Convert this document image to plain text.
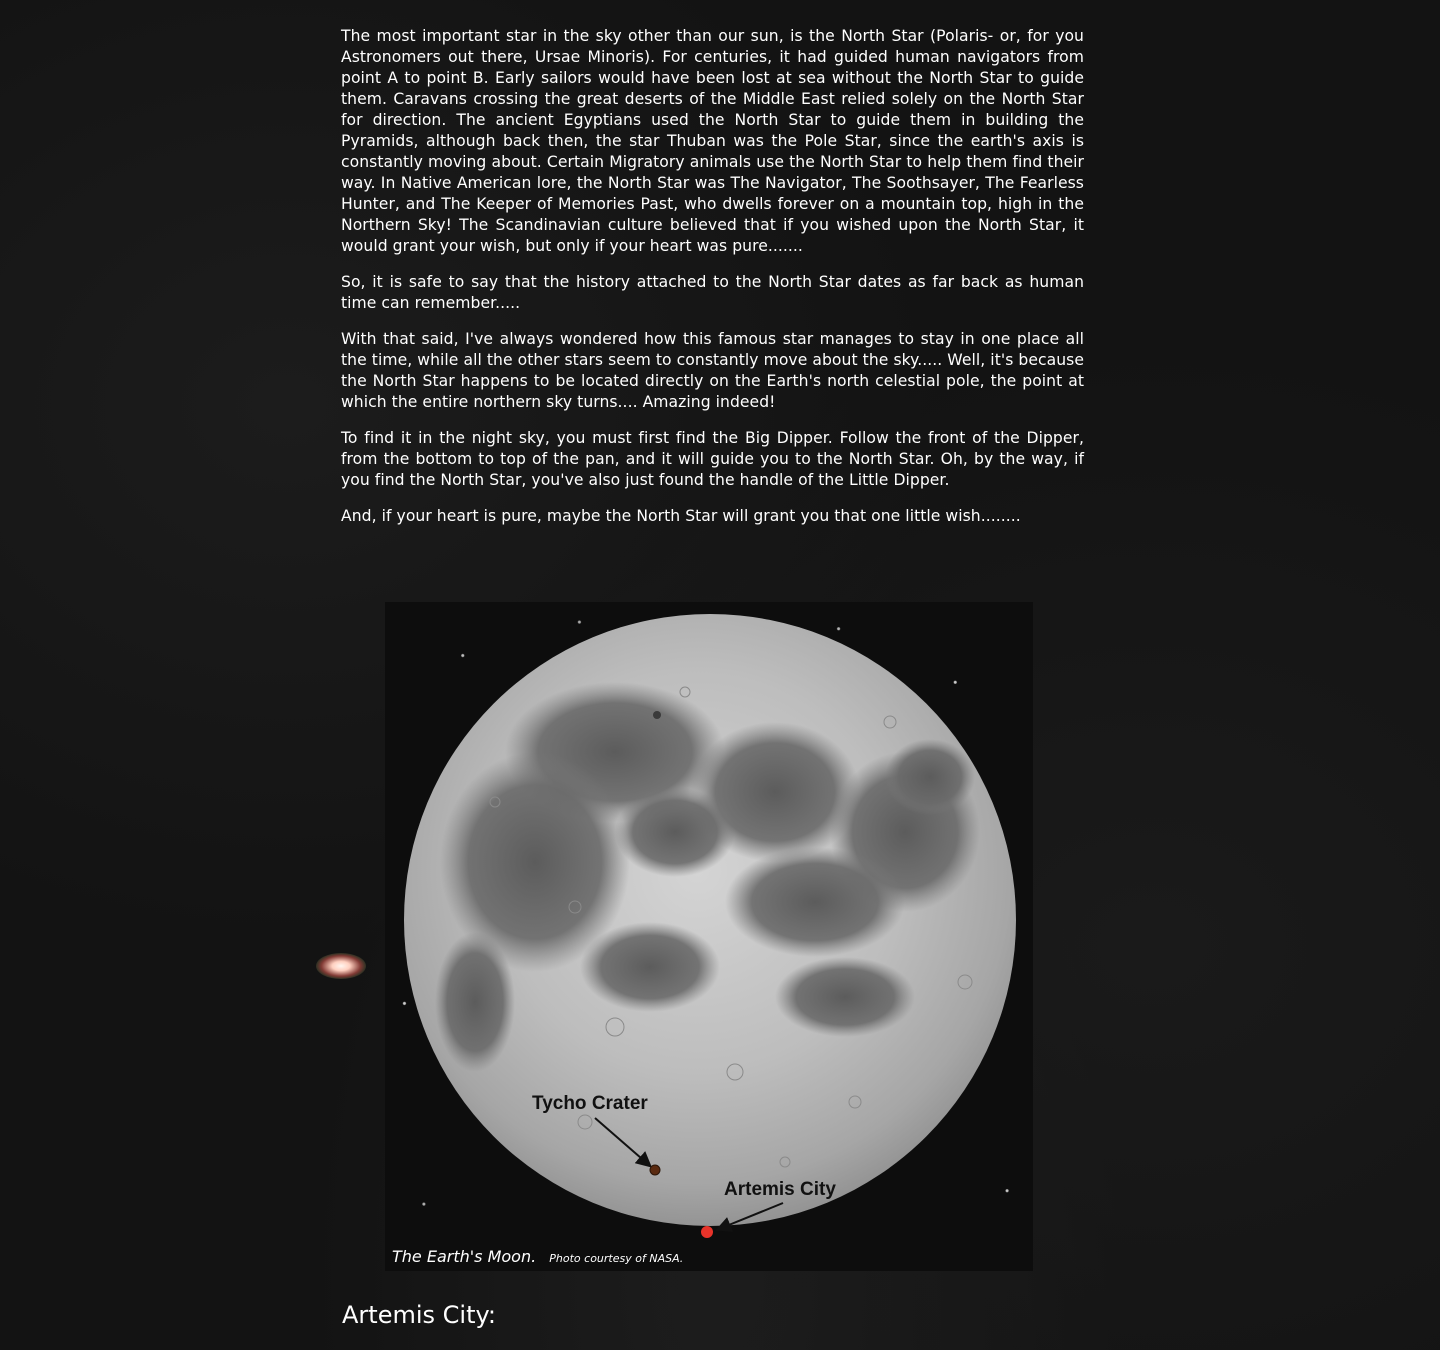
The most important star in the sky other than our sun, is the North Star (Polaris- or, for you Astronomers out there, Ursae Minoris). For centuries, it had guided human navigators from point A to point B. Early sailors would have been lost at sea without the North Star to guide them. Caravans crossing the great deserts of the Middle East relied solely on the North Star for direction. The ancient Egyptians used the North Star to guide them in building the Pyramids, although back then, the star Thuban was the Pole Star, since the earth's axis is constantly moving about. Certain Migratory animals use the North Star to help them find their way. In Native American lore, the North Star was The Navigator, The Soothsayer, The Fearless Hunter, and The Keeper of Memories Past, who dwells forever on a mountain top, high in the Northern Sky! The Scandinavian culture believed that if you wished upon the North Star, it would grant your wish, but only if your heart was pure.......

So, it is safe to say that the history attached to the North Star dates as far back as human time can remember.....

With that said, I've always wondered how this famous star manages to stay in one place all the time, while all the other stars seem to constantly move about the sky..... Well, it's because the North Star happens to be located directly on the Earth's north celestial pole, the point at which the entire northern sky turns.... Amazing indeed!

To find it in the night sky, you must first find the Big Dipper. Follow the front of the Dipper, from the bottom to top of the pan, and it will guide you to the North Star. Oh, by the way, if you find the North Star, you've also just found the handle of the Little Dipper.

And, if your heart is pure, maybe the North Star will grant you that one little wish........

Tycho Crater
Artemis City
The Earth's Moon. Photo courtesy of NASA.
Artemis City:
